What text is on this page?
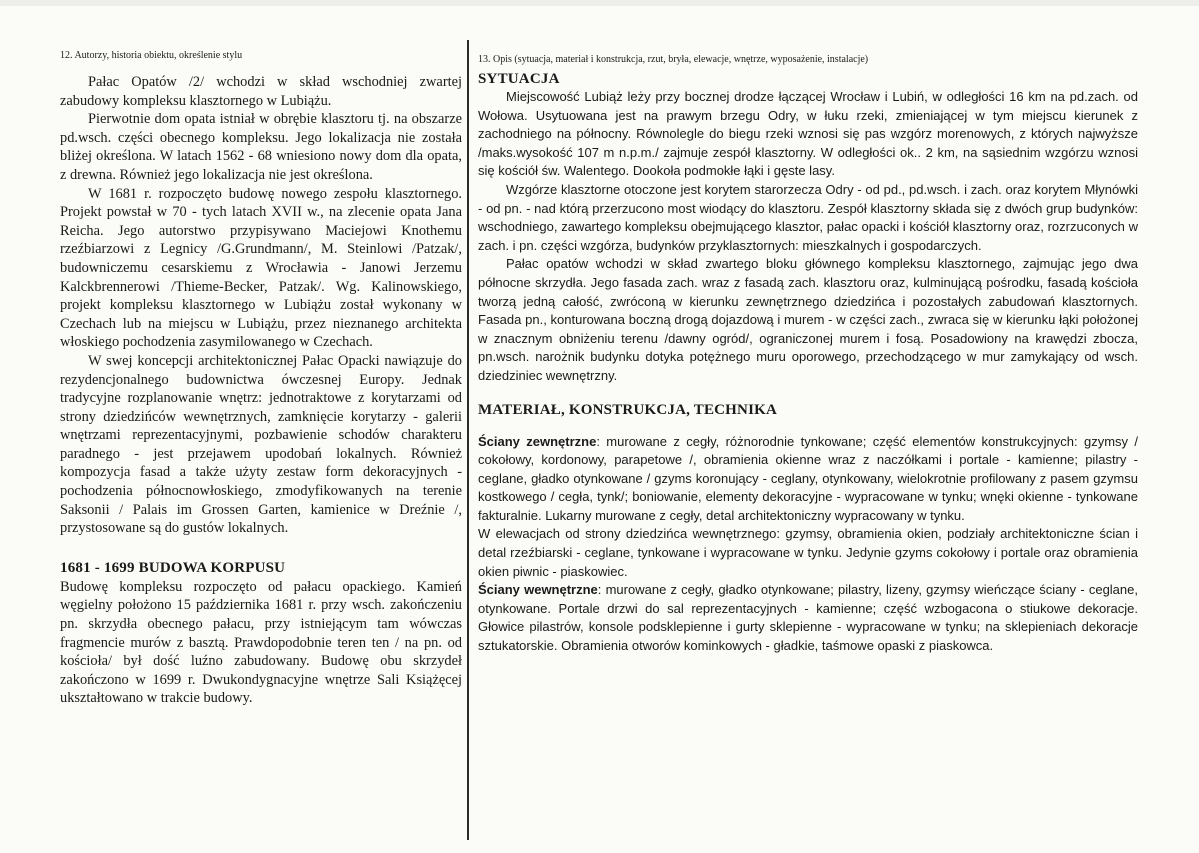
12. Autorzy, historia obiektu, określenie stylu

Pałac Opatów /2/ wchodzi w skład wschodniej zwartej zabudowy kompleksu klasztornego w Lubiążu.

Pierwotnie dom opata istniał w obrębie klasztoru tj. na obszarze pd.wsch. części obecnego kompleksu. Jego lokalizacja nie została bliżej określona. W latach 1562 - 68 wniesiono nowy dom dla opata, z drewna. Również jego lokalizacja nie jest określona.

W 1681 r. rozpoczęto budowę nowego zespołu klasztornego. Projekt powstał w 70 - tych latach XVII w., na zlecenie opata Jana Reicha. Jego autorstwo przypisywano Maciejowi Knothemu rzeźbiarzowi z Legnicy /G.Grundmann/, M. Steinlowi /Patzak/, budowniczemu cesarskiemu z Wrocławia - Janowi Jerzemu Kalckbrennerowi /Thieme-Becker, Patzak/. Wg. Kalinowskiego, projekt kompleksu klasztornego w Lubiążu został wykonany w Czechach lub na miejscu w Lubiążu, przez nieznanego architekta włoskiego pochodzenia zasymilowanego w Czechach.

W swej koncepcji architektonicznej Pałac Opacki nawiązuje do rezydencjonalnego budownictwa ówczesnej Europy. Jednak tradycyjne rozplanowanie wnętrz: jednotraktowe z korytarzami od strony dziedzińców wewnętrznych, zamknięcie korytarzy - galerii wnętrzami reprezentacyjnymi, pozbawienie schodów charakteru paradnego - jest przejawem upodobań lokalnych. Również kompozycja fasad a także użyty zestaw form dekoracyjnych - pochodzenia północnowłoskiego, zmodyfikowanych na terenie Saksonii / Palais im Grossen Garten, kamienice w Dreźnie /, przystosowane są do gustów lokalnych.

1681 - 1699 BUDOWA KORPUSU

Budowę kompleksu rozpoczęto od pałacu opackiego. Kamień węgielny położono 15 października 1681 r. przy wsch. zakończeniu pn. skrzydła obecnego pałacu, przy istniejącym tam wówczas fragmencie murów z basztą. Prawdopodobnie teren ten / na pn. od kościoła/ był dość luźno zabudowany. Budowę obu skrzydeł zakończono w 1699 r. Dwukondygnacyjne wnętrze Sali Książęcej ukształtowano w trakcie budowy.

13. Opis (sytuacja, materiał i konstrukcja, rzut, bryła, elewacje, wnętrze, wyposażenie, instalacje)
SYTUACJA

Miejscowość Lubiąż leży przy bocznej drodze łączącej Wrocław i Lubiń, w odległości 16 km na pd.zach. od Wołowa. Usytuowana jest na prawym brzegu Odry, w łuku rzeki, zmieniającej w tym miejscu kierunek z zachodniego na północny. Równolegle do biegu rzeki wznosi się pas wzgórz morenowych, z których najwyższe /maks.wysokość 107 m n.p.m./ zajmuje zespół klasztorny. W odległości ok.. 2 km, na sąsiednim wzgórzu wznosi się kościół św. Walentego. Dookoła podmokłe łąki i gęste lasy.

Wzgórze klasztorne otoczone jest korytem starorzecza Odry - od pd., pd.wsch. i zach. oraz korytem Młynówki - od pn. - nad którą przerzucono most wiodący do klasztoru. Zespół klasztorny składa się z dwóch grup budynków: wschodniego, zawartego kompleksu obejmującego klasztor, pałac opacki i kościół klasztorny oraz, rozrzuconych w zach. i pn. części wzgórza, budynków przyklasztornych: mieszkalnych i gospodarczych.

Pałac opatów wchodzi w skład zwartego bloku głównego kompleksu klasztornego, zajmując jego dwa północne skrzydła. Jego fasada zach. wraz z fasadą zach. klasztoru oraz, kulminującą pośrodku, fasadą kościoła tworzą jedną całość, zwróconą w kierunku zewnętrznego dziedzińca i pozostałych zabudowań klasztornych. Fasada pn., konturowana boczną drogą dojazdową i murem - w części zach., zwraca się w kierunku łąki położonej w znacznym obniżeniu terenu /dawny ogród/, ograniczonej murem i fosą. Posadowiony na krawędzi zbocza, pn.wsch. narożnik budynku dotyka potężnego muru oporowego, przechodzącego w mur zamykający od wsch. dziedziniec wewnętrzny.

MATERIAŁ, KONSTRUKCJA, TECHNIKA

Ściany zewnętrzne: murowane z cegły, różnorodnie tynkowane; część elementów konstrukcyjnych: gzymsy / cokołowy, kordonowy, parapetowe /, obramienia okienne wraz z naczółkami i portale - kamienne; pilastry - ceglane, gładko otynkowane / gzyms koronujący - ceglany, otynkowany, wielokrotnie profilowany z pasem gzymsu kostkowego / cegła, tynk/; boniowanie, elementy dekoracyjne - wypracowane w tynku; wnęki okienne - tynkowane fakturalnie. Lukarny murowane z cegły, detal architektoniczny wypracowany w tynku.

W elewacjach od strony dziedzińca wewnętrznego: gzymsy, obramienia okien, podziały architektoniczne ścian i detal rzeźbiarski - ceglane, tynkowane i wypracowane w tynku. Jedynie gzyms cokołowy i portale oraz obramienia okien piwnic - piaskowiec.

Ściany wewnętrzne: murowane z cegły, gładko otynkowane; pilastry, lizeny, gzymsy wieńczące ściany - ceglane, otynkowane. Portale drzwi do sal reprezentacyjnych - kamienne; część wzbogacona o stiukowe dekoracje. Głowice pilastrów, konsole podsklepienne i gurty sklepienne - wypracowane w tynku; na sklepieniach dekoracje sztukatorskie. Obramienia otworów kominkowych - gładkie, taśmowe opaski z piaskowca.
